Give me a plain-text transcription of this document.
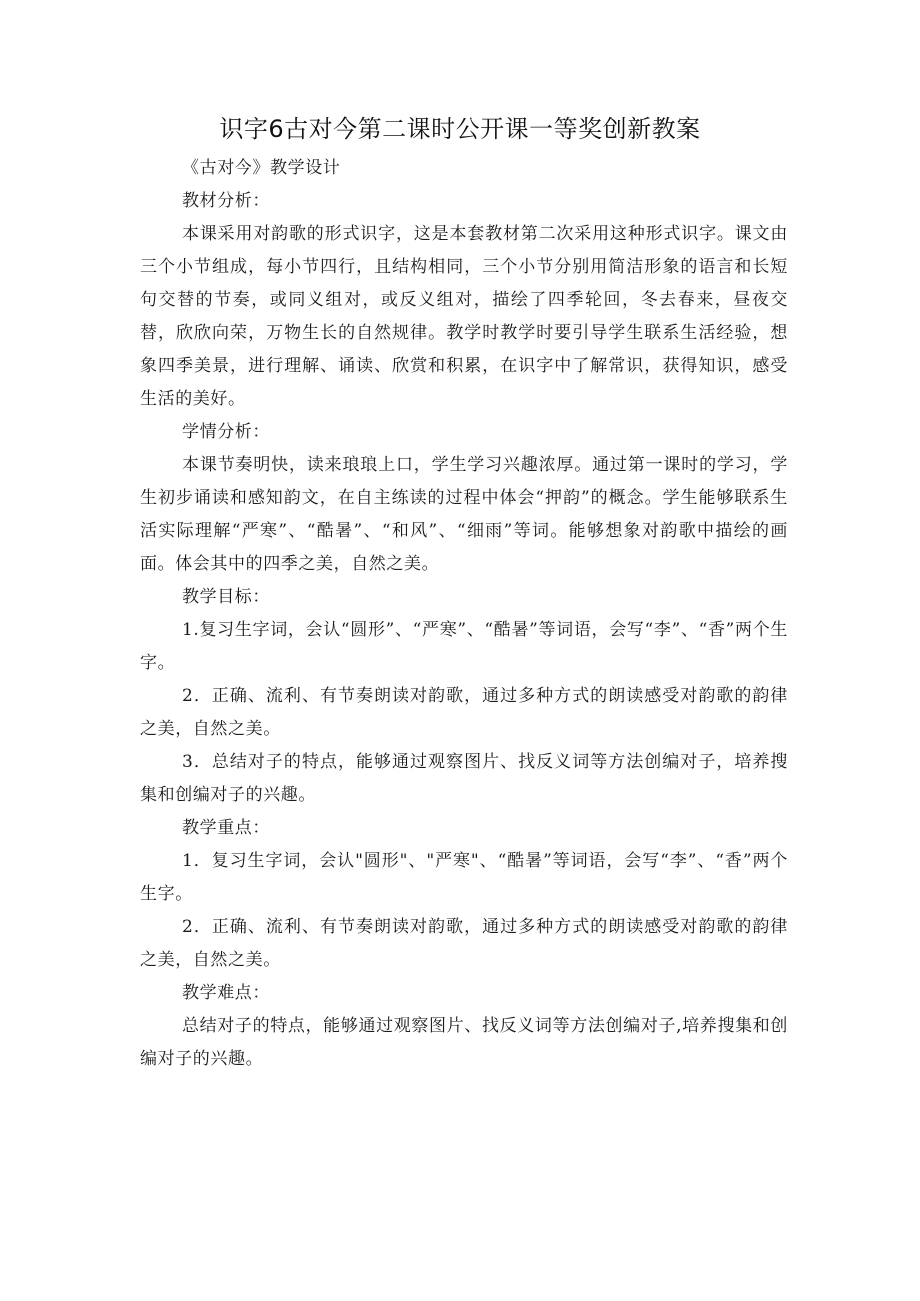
识字6古对今第二课时公开课一等奖创新教案

《古对今》教学设计

教材分析：

本课采用对韵歌的形式识字，这是本套教材第二次采用这种形式识字。课文由三个小节组成，每小节四行，且结构相同，三个小节分别用简洁形象的语言和长短句交替的节奏，或同义组对，或反义组对，描绘了四季轮回，冬去春来，昼夜交替，欣欣向荣，万物生长的自然规律。教学时教学时要引导学生联系生活经验，想象四季美景，进行理解、诵读、欣赏和积累，在识字中了解常识，获得知识，感受生活的美好。

学情分析：

本课节奏明快，读来琅琅上口，学生学习兴趣浓厚。通过第一课时的学习，学生初步诵读和感知韵文，在自主练读的过程中体会“押韵”的概念。学生能够联系生活实际理解“严寒”、“酷暑”、“和风”、“细雨”等词。能够想象对韵歌中描绘的画面。体会其中的四季之美，自然之美。

教学目标：

1.复习生字词，会认“圆形”、“严寒”、“酷暑”等词语，会写“李”、“香”两个生字。

2．正确、流利、有节奏朗读对韵歌，通过多种方式的朗读感受对韵歌的韵律之美，自然之美。

3．总结对子的特点，能够通过观察图片、找反义词等方法创编对子，培养搜集和创编对子的兴趣。

教学重点：

1．复习生字词，会认"圆形"、"严寒"、“酷暑”等词语，会写“李”、“香”两个生字。

2．正确、流利、有节奏朗读对韵歌，通过多种方式的朗读感受对韵歌的韵律之美，自然之美。

教学难点：

总结对子的特点，能够通过观察图片、找反义词等方法创编对子,培养搜集和创编对子的兴趣。
